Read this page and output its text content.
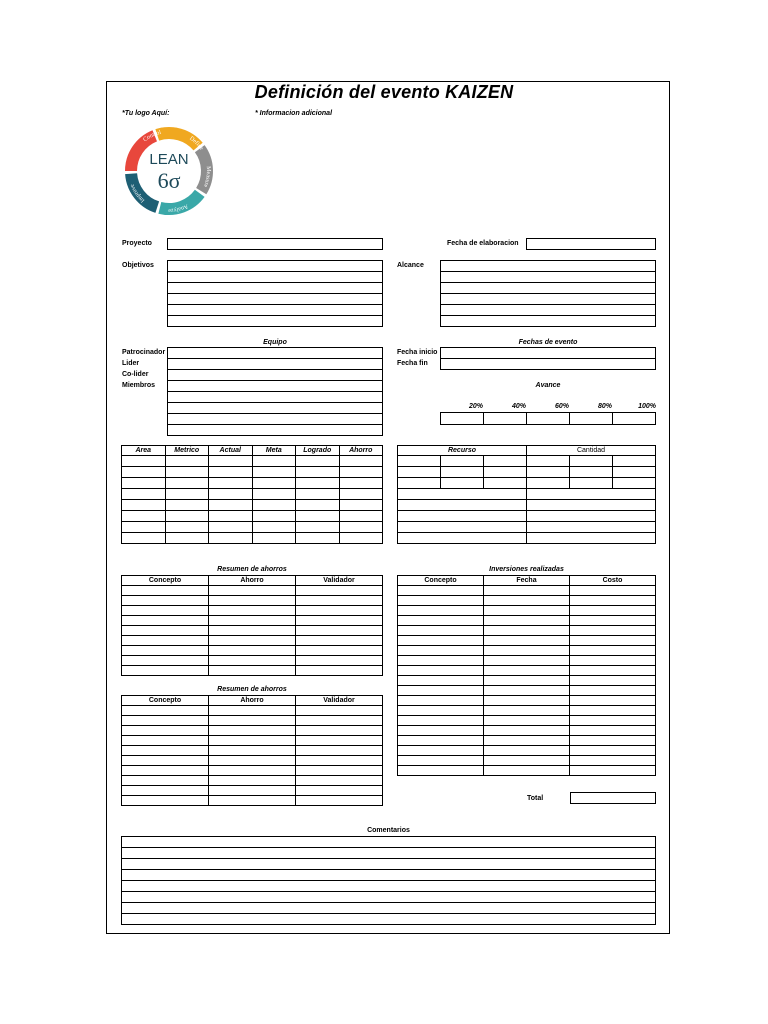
Definición del evento KAIZEN
*Tu logo Aquí:	* Informacion adicional
LEAN
6σ
Define
Measure
Analyze
Improve
Control
Proyecto	Fecha de elaboracion
Objetivos	Alcance

Equipo
Patrocinador
Lider
Co-lider
Miembros

Fechas de evento
Fecha inicio
Fecha fin

Avance
20%	40%	60%	80%	100%

Area	Metrico	Actual	Meta	Logrado	Ahorro

						Recurso			Cantidad		

Resumen de ahorros
Concepto	Ahorro	Validador

Inversiones realizadas
Concepto	Fecha	Costo

Total
Resumen de ahorros
Concepto	Ahorro	Validador

Comentarios
